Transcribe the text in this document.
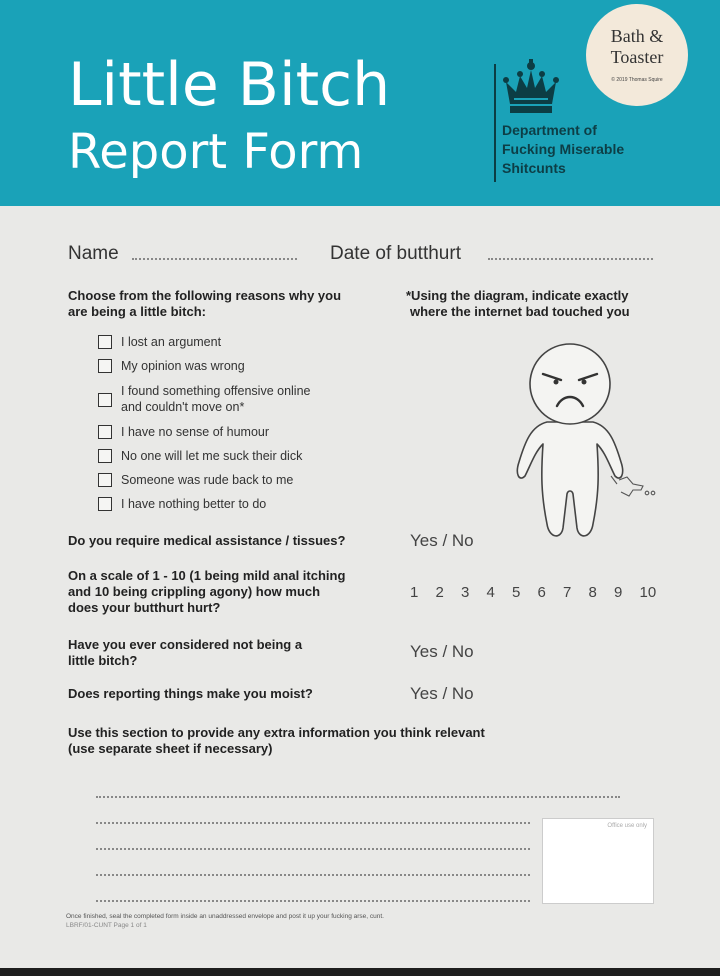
Little Bitch
Report Form	Department of
Fucking Miserable
Shitcunts
Bath &
Toaster
© 2019 Thomas Squire
Name	Date of butthurt
Choose from the following reasons why you
are being a little bitch:
*Using the diagram, indicate exactly
where the internet bad touched you
I lost an argument
My opinion was wrong
I found something offensive online
and couldn't move on*
I have no sense of humour
No one will let me suck their dick
Someone was rude back to me
I have nothing better to do
Do you require medical assistance / tissues?	Yes / No
On a scale of 1 - 10 (1 being mild anal itching
and 10 being crippling agony) how much
does your butthurt hurt?
1	2	3	4	5	6	7	8	9	10
Have you ever considered not being a
little bitch?	Yes / No
Does reporting things make you moist?	Yes / No
Use this section to provide any extra information you think relevant
(use separate sheet if necessary)
Office use only
Once finished, seal the completed form inside an unaddressed envelope and post it up your fucking arse, cunt.
LBRF/01-CUNT Page 1 of 1
